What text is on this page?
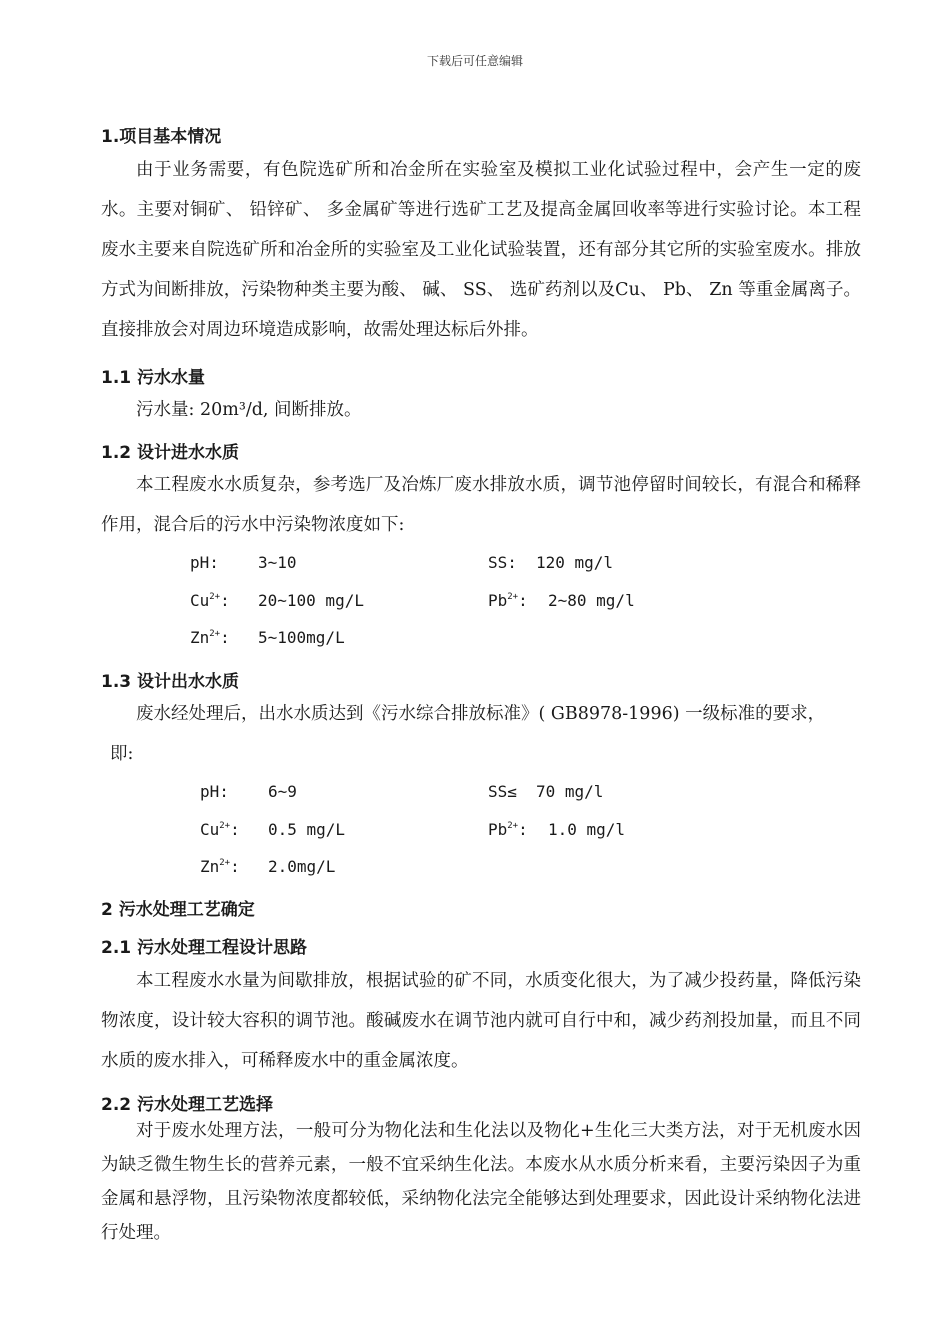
下载后可任意编辑
1.项目基本情况
由于业务需要，有色院选矿所和冶金所在实验室及模拟工业化试验过程中，会产生一定的废水。主要对铜矿、 铅锌矿、 多金属矿等进行选矿工艺及提高金属回收率等进行实验讨论。本工程废水主要来自院选矿所和冶金所的实验室及工业化试验装置，还有部分其它所的实验室废水。排放方式为间断排放，污染物种类主要为酸、 碱、 SS、 选矿药剂以及Cu、 Pb、 Zn 等重金属离子。直接排放会对周边环境造成影响，故需处理达标后外排。
1.1 污水水量
污水量: 20m³/d, 间断排放。
1.2 设计进水水质
本工程废水水质复杂，参考选厂及冶炼厂废水排放水质，调节池停留时间较长，有混合和稀释作用，混合后的污水中污染物浓度如下:
pH: 3~10	SS: 120 mg/l
$Cu^{2+}$: 20~100 mg/L	$Pb^{2+}$: 2~80 mg/l
$Zn^{2+}$: 5~100mg/L
1.3 设计出水水质
废水经处理后，出水水质达到《污水综合排放标准》( GB8978-1996) 一级标准的要求，
即:
pH: 6~9	SS≤ 70 mg/l
$Cu^{2+}$: 0.5 mg/L	$Pb^{2+}$: 1.0 mg/l
$Zn^{2+}$: 2.0mg/L
2 污水处理工艺确定
2.1 污水处理工程设计思路
本工程废水水量为间歇排放，根据试验的矿不同，水质变化很大，为了减少投药量，降低污染物浓度，设计较大容积的调节池。酸碱废水在调节池内就可自行中和，减少药剂投加量，而且不同水质的废水排入，可稀释废水中的重金属浓度。
2.2 污水处理工艺选择
对于废水处理方法，一般可分为物化法和生化法以及物化+生化三大类方法，对于无机废水因为缺乏微生物生长的营养元素，一般不宜采纳生化法。本废水从水质分析来看，主要污染因子为重金属和悬浮物，且污染物浓度都较低，采纳物化法完全能够达到处理要求，因此设计采纳物化法进行处理。
